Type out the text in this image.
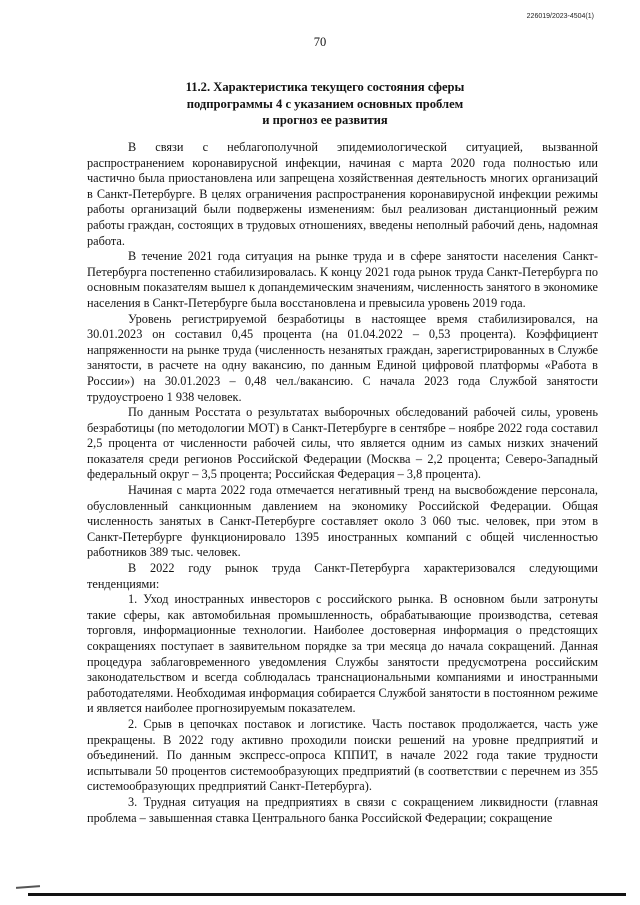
226019/2023-4504(1)
70
11.2. Характеристика текущего состояния сферы
подпрограммы 4 с указанием основных проблем
и прогноз ее развития

В связи с неблагополучной эпидемиологической ситуацией, вызванной распространением коронавирусной инфекции, начиная с марта 2020 года полностью или частично была приостановлена или запрещена хозяйственная деятельность многих организаций в Санкт-Петербурге. В целях ограничения распространения коронавирусной инфекции режимы работы организаций были подвержены изменениям: был реализован дистанционный режим работы граждан, состоящих в трудовых отношениях, введены неполный рабочий день, надомная работа.

В течение 2021 года ситуация на рынке труда и в сфере занятости населения Санкт-Петербурга постепенно стабилизировалась. К концу 2021 года рынок труда Санкт-Петербурга по основным показателям вышел к допандемическим значениям, численность занятого в экономике населения в Санкт-Петербурге была восстановлена и превысила уровень 2019 года.

Уровень регистрируемой безработицы в настоящее время стабилизировался, на 30.01.2023 он составил 0,45 процента (на 01.04.2022 – 0,53 процента). Коэффициент напряженности на рынке труда (численность незанятых граждан, зарегистрированных в Службе занятости, в расчете на одну вакансию, по данным Единой цифровой платформы «Работа в России») на 30.01.2023 – 0,48 чел./вакансию. С начала 2023 года Службой занятости трудоустроено 1 938 человек.

По данным Росстата о результатах выборочных обследований рабочей силы, уровень безработицы (по методологии МОТ) в Санкт-Петербурге в сентябре – ноябре 2022 года составил 2,5 процента от численности рабочей силы, что является одним из самых низких значений показателя среди регионов Российской Федерации (Москва – 2,2 процента; Северо-Западный федеральный округ – 3,5 процента; Российская Федерация – 3,8 процента).

Начиная с марта 2022 года отмечается негативный тренд на высвобождение персонала, обусловленный санкционным давлением на экономику Российской Федерации. Общая численность занятых в Санкт-Петербурге составляет около 3 060 тыс. человек, при этом в Санкт-Петербурге функционировало 1395 иностранных компаний с общей численностью работников 389 тыс. человек.

В 2022 году рынок труда Санкт-Петербурга характеризовался следующими тенденциями:

1. Уход иностранных инвесторов с российского рынка. В основном были затронуты такие сферы, как автомобильная промышленность, обрабатывающие производства, сетевая торговля, информационные технологии. Наиболее достоверная информация о предстоящих сокращениях поступает в заявительном порядке за три месяца до начала сокращений. Данная процедура заблаговременного уведомления Службы занятости предусмотрена российским законодательством и всегда соблюдалась транснациональными компаниями и иностранными работодателями. Необходимая информация собирается Службой занятости в постоянном режиме и является наиболее прогнозируемым показателем.

2. Срыв в цепочках поставок и логистике. Часть поставок продолжается, часть уже прекращены. В 2022 году активно проходили поиски решений на уровне предприятий и объединений. По данным экспресс-опроса КППИТ, в начале 2022 года такие трудности испытывали 50 процентов системообразующих предприятий (в соответствии с перечнем из 355 системообразующих предприятий Санкт-Петербурга).

3. Трудная ситуация на предприятиях в связи с сокращением ликвидности (главная проблема – завышенная ставка Центрального банка Российской Федерации; сокращение
